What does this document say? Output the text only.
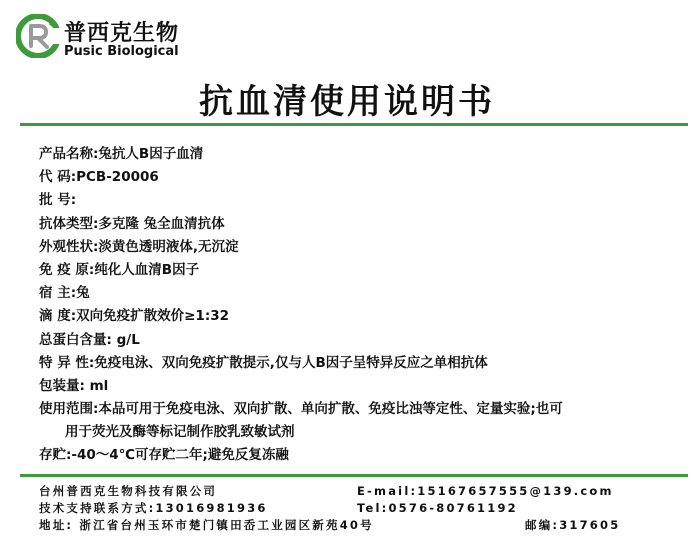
普西克生物
Pusic Biological
抗血清使用说明书
产品名称:兔抗人B因子血清
代 码:PCB-20006
批 号:
抗体类型:多克隆 兔全血清抗体
外观性状:淡黄色透明液体,无沉淀
免 疫 原:纯化人血清B因子
宿 主:兔
滴 度:双向免疫扩散效价≥1:32
总蛋白含量: g/L
特 异 性:免疫电泳、双向免疫扩散提示,仅与人B因子呈特异反应之单相抗体
包装量: ml
使用范围:本品可用于免疫电泳、双向扩散、单向扩散、免疫比浊等定性、定量实验;也可
用于荧光及酶等标记制作胶乳致敏试剂
存贮:-40～4℃可存贮二年;避免反复冻融
台州普西克生物科技有限公司	E-mail:15167657555@139.com
技术支持联系方式:13016981936	Tel:0576-80761192
地址: 浙江省台州玉环市楚门镇田岙工业园区新苑40号	邮编:317605
